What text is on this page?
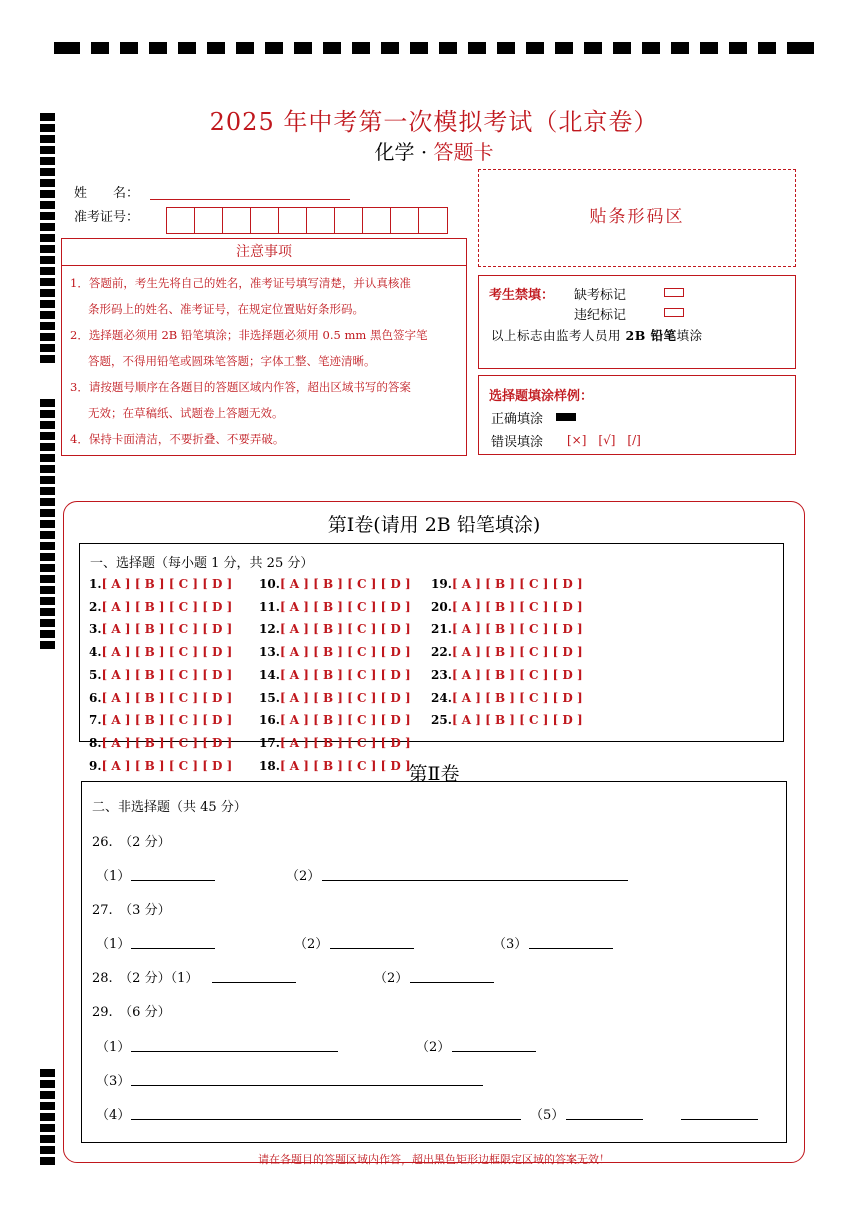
2025 年中考第一次模拟考试（北京卷）
化学 · 答题卡
姓　　名：
准考证号：
注意事项

1．答题前，考生先将自己的姓名，准考证号填写清楚，并认真核准

条形码上的姓名、准考证号，在规定位置贴好条形码。

2．选择题必须用 2B 铅笔填涂；非选择题必须用 0.5 mm 黑色签字笔

答题，不得用铅笔或圆珠笔答题；字体工整、笔迹清晰。

3．请按题号顺序在各题目的答题区域内作答，超出区域书写的答案

无效；在草稿纸、试题卷上答题无效。

4．保持卡面清洁，不要折叠、不要弄破。

贴条形码区
考生禁填： 缺考标记
违纪标记
以上标志由监考人员用 2B 铅笔填涂
选择题填涂样例：
正确填涂
错误填涂 [×]　[√]　[/]
第Ⅰ卷(请用 2B 铅笔填涂)
一、选择题（每小题 1 分，共 25 分）
1.[ A ] [ B ] [ C ] [ D ]
2.[ A ] [ B ] [ C ] [ D ]
3.[ A ] [ B ] [ C ] [ D ]
4.[ A ] [ B ] [ C ] [ D ]
5.[ A ] [ B ] [ C ] [ D ]
6.[ A ] [ B ] [ C ] [ D ]
7.[ A ] [ B ] [ C ] [ D ]
8.[ A ] [ B ] [ C ] [ D ]
9.[ A ] [ B ] [ C ] [ D ]
10.[ A ] [ B ] [ C ] [ D ]
11.[ A ] [ B ] [ C ] [ D ]
12.[ A ] [ B ] [ C ] [ D ]
13.[ A ] [ B ] [ C ] [ D ]
14.[ A ] [ B ] [ C ] [ D ]
15.[ A ] [ B ] [ C ] [ D ]
16.[ A ] [ B ] [ C ] [ D ]
17.[ A ] [ B ] [ C ] [ D ]
18.[ A ] [ B ] [ C ] [ D ]
19.[ A ] [ B ] [ C ] [ D ]
20.[ A ] [ B ] [ C ] [ D ]
21.[ A ] [ B ] [ C ] [ D ]
22.[ A ] [ B ] [ C ] [ D ]
23.[ A ] [ B ] [ C ] [ D ]
24.[ A ] [ B ] [ C ] [ D ]
25.[ A ] [ B ] [ C ] [ D ]
第Ⅱ卷
二、非选择题（共 45 分）
26.　（2 分）
（1）	（2）
27.　（3 分）
（1）	（2）	（3）
28.　（2 分）（1）	（2）
29.　（6 分）
（1）	（2）
（3）
（4）	（5）
请在各题目的答题区域内作答，超出黑色矩形边框限定区域的答案无效！
